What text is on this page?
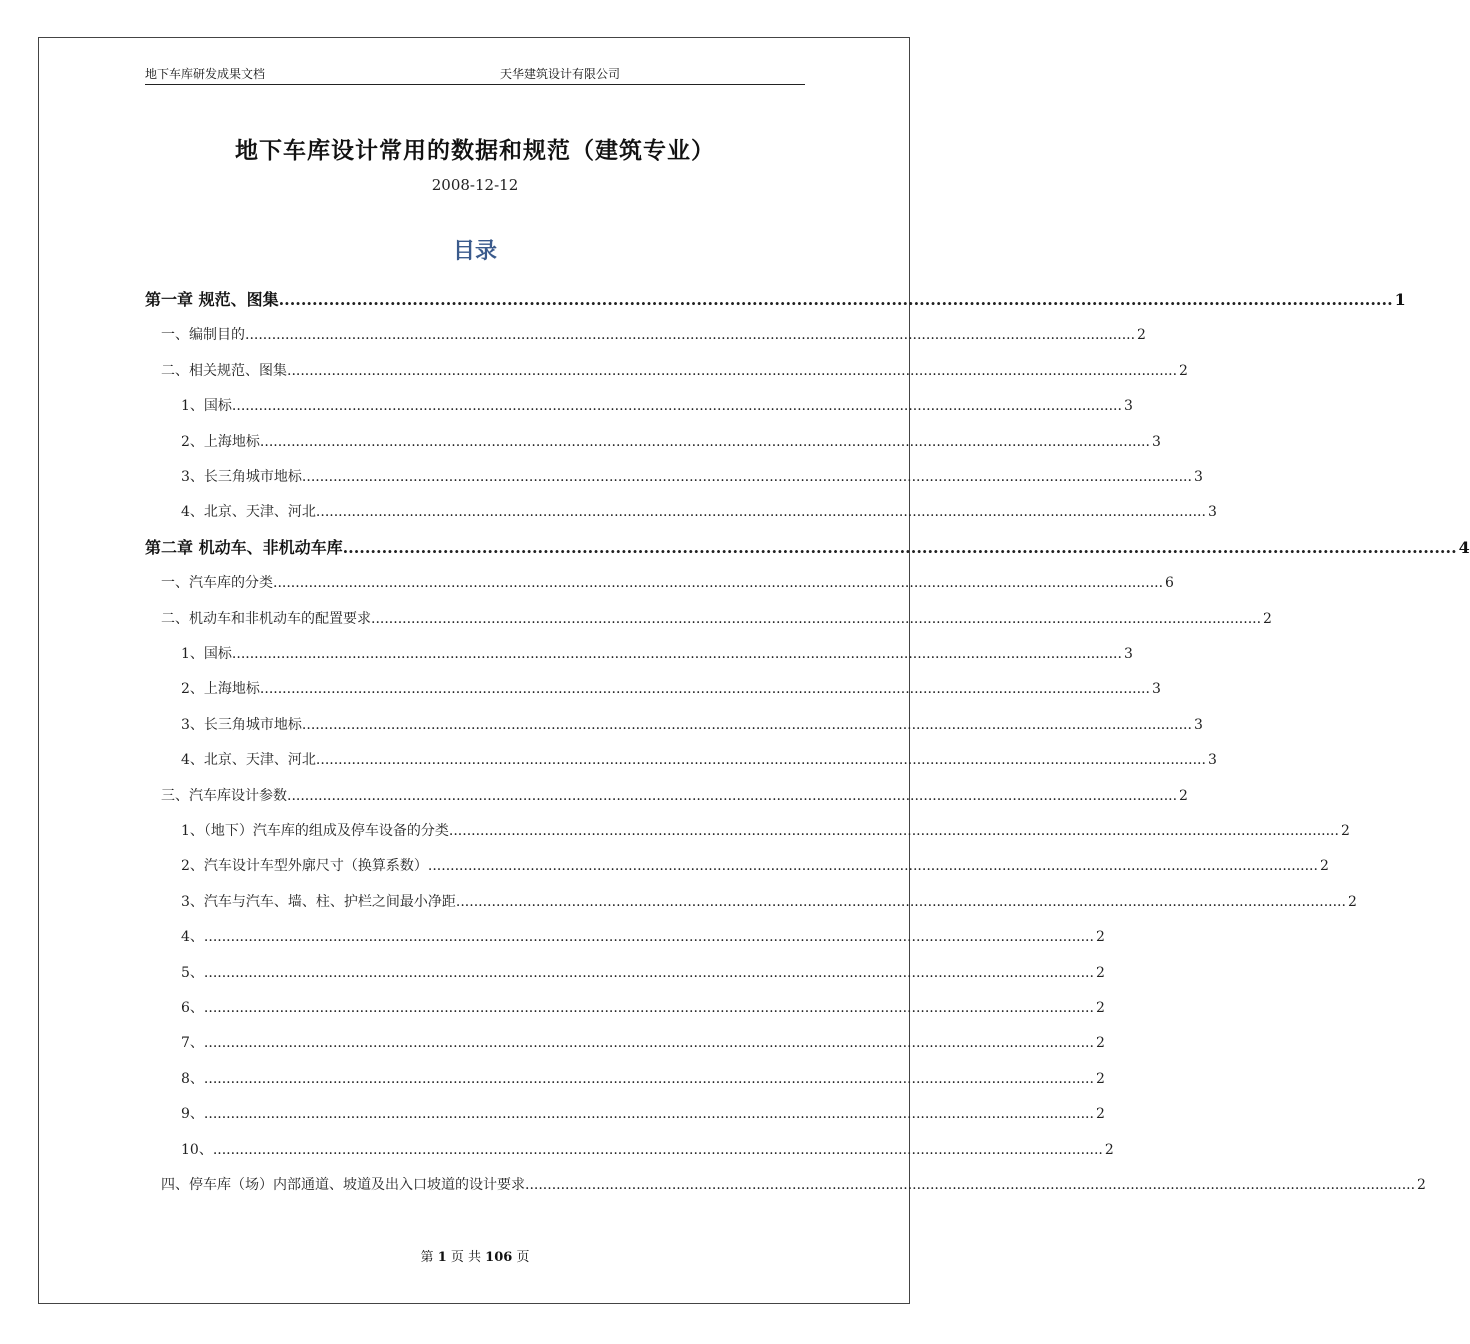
地下车库研发成果文档	天华建筑设计有限公司
地下车库设计常用的数据和规范（建筑专业）
2008-12-12
目录
第一章 规范、图集 ........................................................................................................................................................................................................ 1
一、编制目的 ........................................................................................................................................................................................................ 2
二、相关规范、图集 ........................................................................................................................................................................................................ 2
1、国标 ........................................................................................................................................................................................................ 3
2、上海地标 ........................................................................................................................................................................................................ 3
3、长三角城市地标 ........................................................................................................................................................................................................ 3
4、北京、天津、河北 ........................................................................................................................................................................................................ 3
第二章 机动车、非机动车库 ........................................................................................................................................................................................................ 4
一、汽车库的分类 ........................................................................................................................................................................................................ 6
二、机动车和非机动车的配置要求 ........................................................................................................................................................................................................ 2
1、国标 ........................................................................................................................................................................................................ 3
2、上海地标 ........................................................................................................................................................................................................ 3
3、长三角城市地标 ........................................................................................................................................................................................................ 3
4、北京、天津、河北 ........................................................................................................................................................................................................ 3
三、汽车库设计参数 ........................................................................................................................................................................................................ 2
1、（地下）汽车库的组成及停车设备的分类 ........................................................................................................................................................................................................ 2
2、汽车设计车型外廓尺寸（换算系数） ........................................................................................................................................................................................................ 2
3、汽车与汽车、墙、柱、护栏之间最小净距 ........................................................................................................................................................................................................ 2
4、 ........................................................................................................................................................................................................ 2
5、 ........................................................................................................................................................................................................ 2
6、 ........................................................................................................................................................................................................ 2
7、 ........................................................................................................................................................................................................ 2
8、 ........................................................................................................................................................................................................ 2
9、 ........................................................................................................................................................................................................ 2
10、 ........................................................................................................................................................................................................ 2
四、停车库（场）内部通道、坡道及出入口坡道的设计要求 ........................................................................................................................................................................................................ 2
第 1 页 共 106 页
